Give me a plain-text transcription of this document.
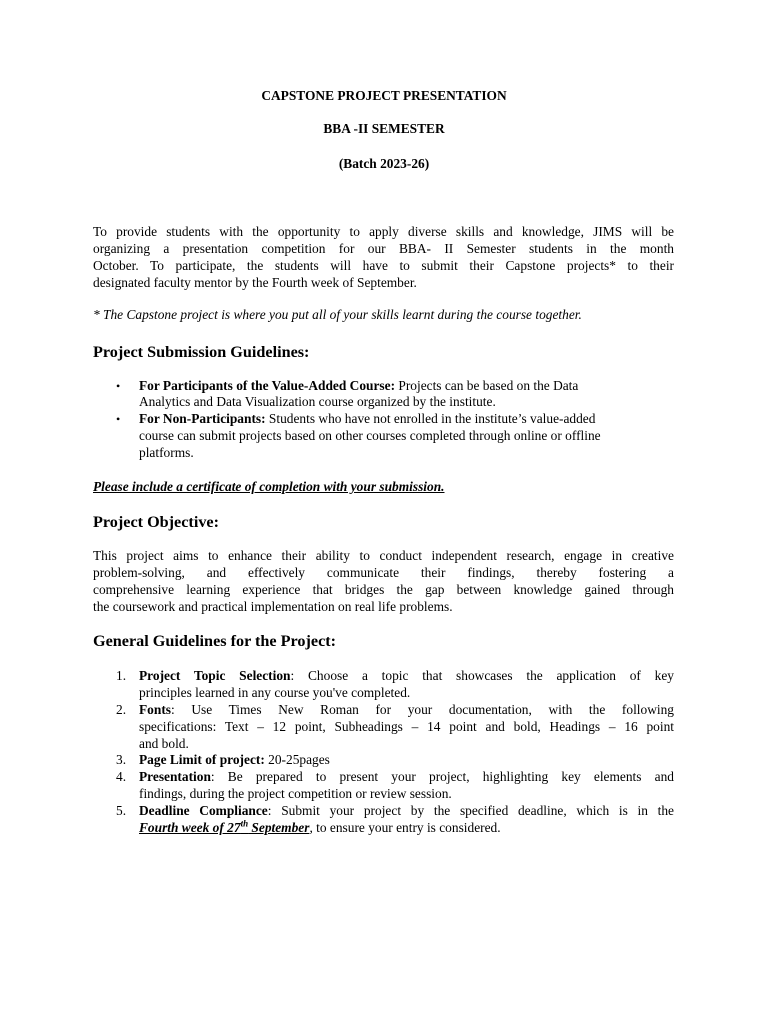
CAPSTONE PROJECT PRESENTATION
BBA -II SEMESTER
(Batch 2023-26)
To provide students with the opportunity to apply diverse skills and knowledge, JIMS will be
organizing a presentation competition for our BBA- II Semester students in the month
October. To participate, the students will have to submit their Capstone projects* to their
designated faculty mentor by the Fourth week of September.
* The Capstone project is where you put all of your skills learnt during the course together.
Project Submission Guidelines:
• For Participants of the Value-Added Course: Projects can be based on the Data
Analytics and Data Visualization course organized by the institute.
• For Non-Participants: Students who have not enrolled in the institute’s value-added
course can submit projects based on other courses completed through online or offline
platforms.
Please include a certificate of completion with your submission.
Project Objective:
This project aims to enhance their ability to conduct independent research, engage in creative
problem-solving, and effectively communicate their findings, thereby fostering a
comprehensive learning experience that bridges the gap between knowledge gained through
the coursework and practical implementation on real life problems.
General Guidelines for the Project:
1. Project Topic Selection: Choose a topic that showcases the application of key
principles learned in any course you've completed.
2. Fonts: Use Times New Roman for your documentation, with the following
specifications: Text – 12 point, Subheadings – 14 point and bold, Headings – 16 point
and bold.
3. Page Limit of project: 20-25pages
4. Presentation: Be prepared to present your project, highlighting key elements and
findings, during the project competition or review session.
5. Deadline Compliance: Submit your project by the specified deadline, which is in the
Fourth week of 27th September, to ensure your entry is considered.
